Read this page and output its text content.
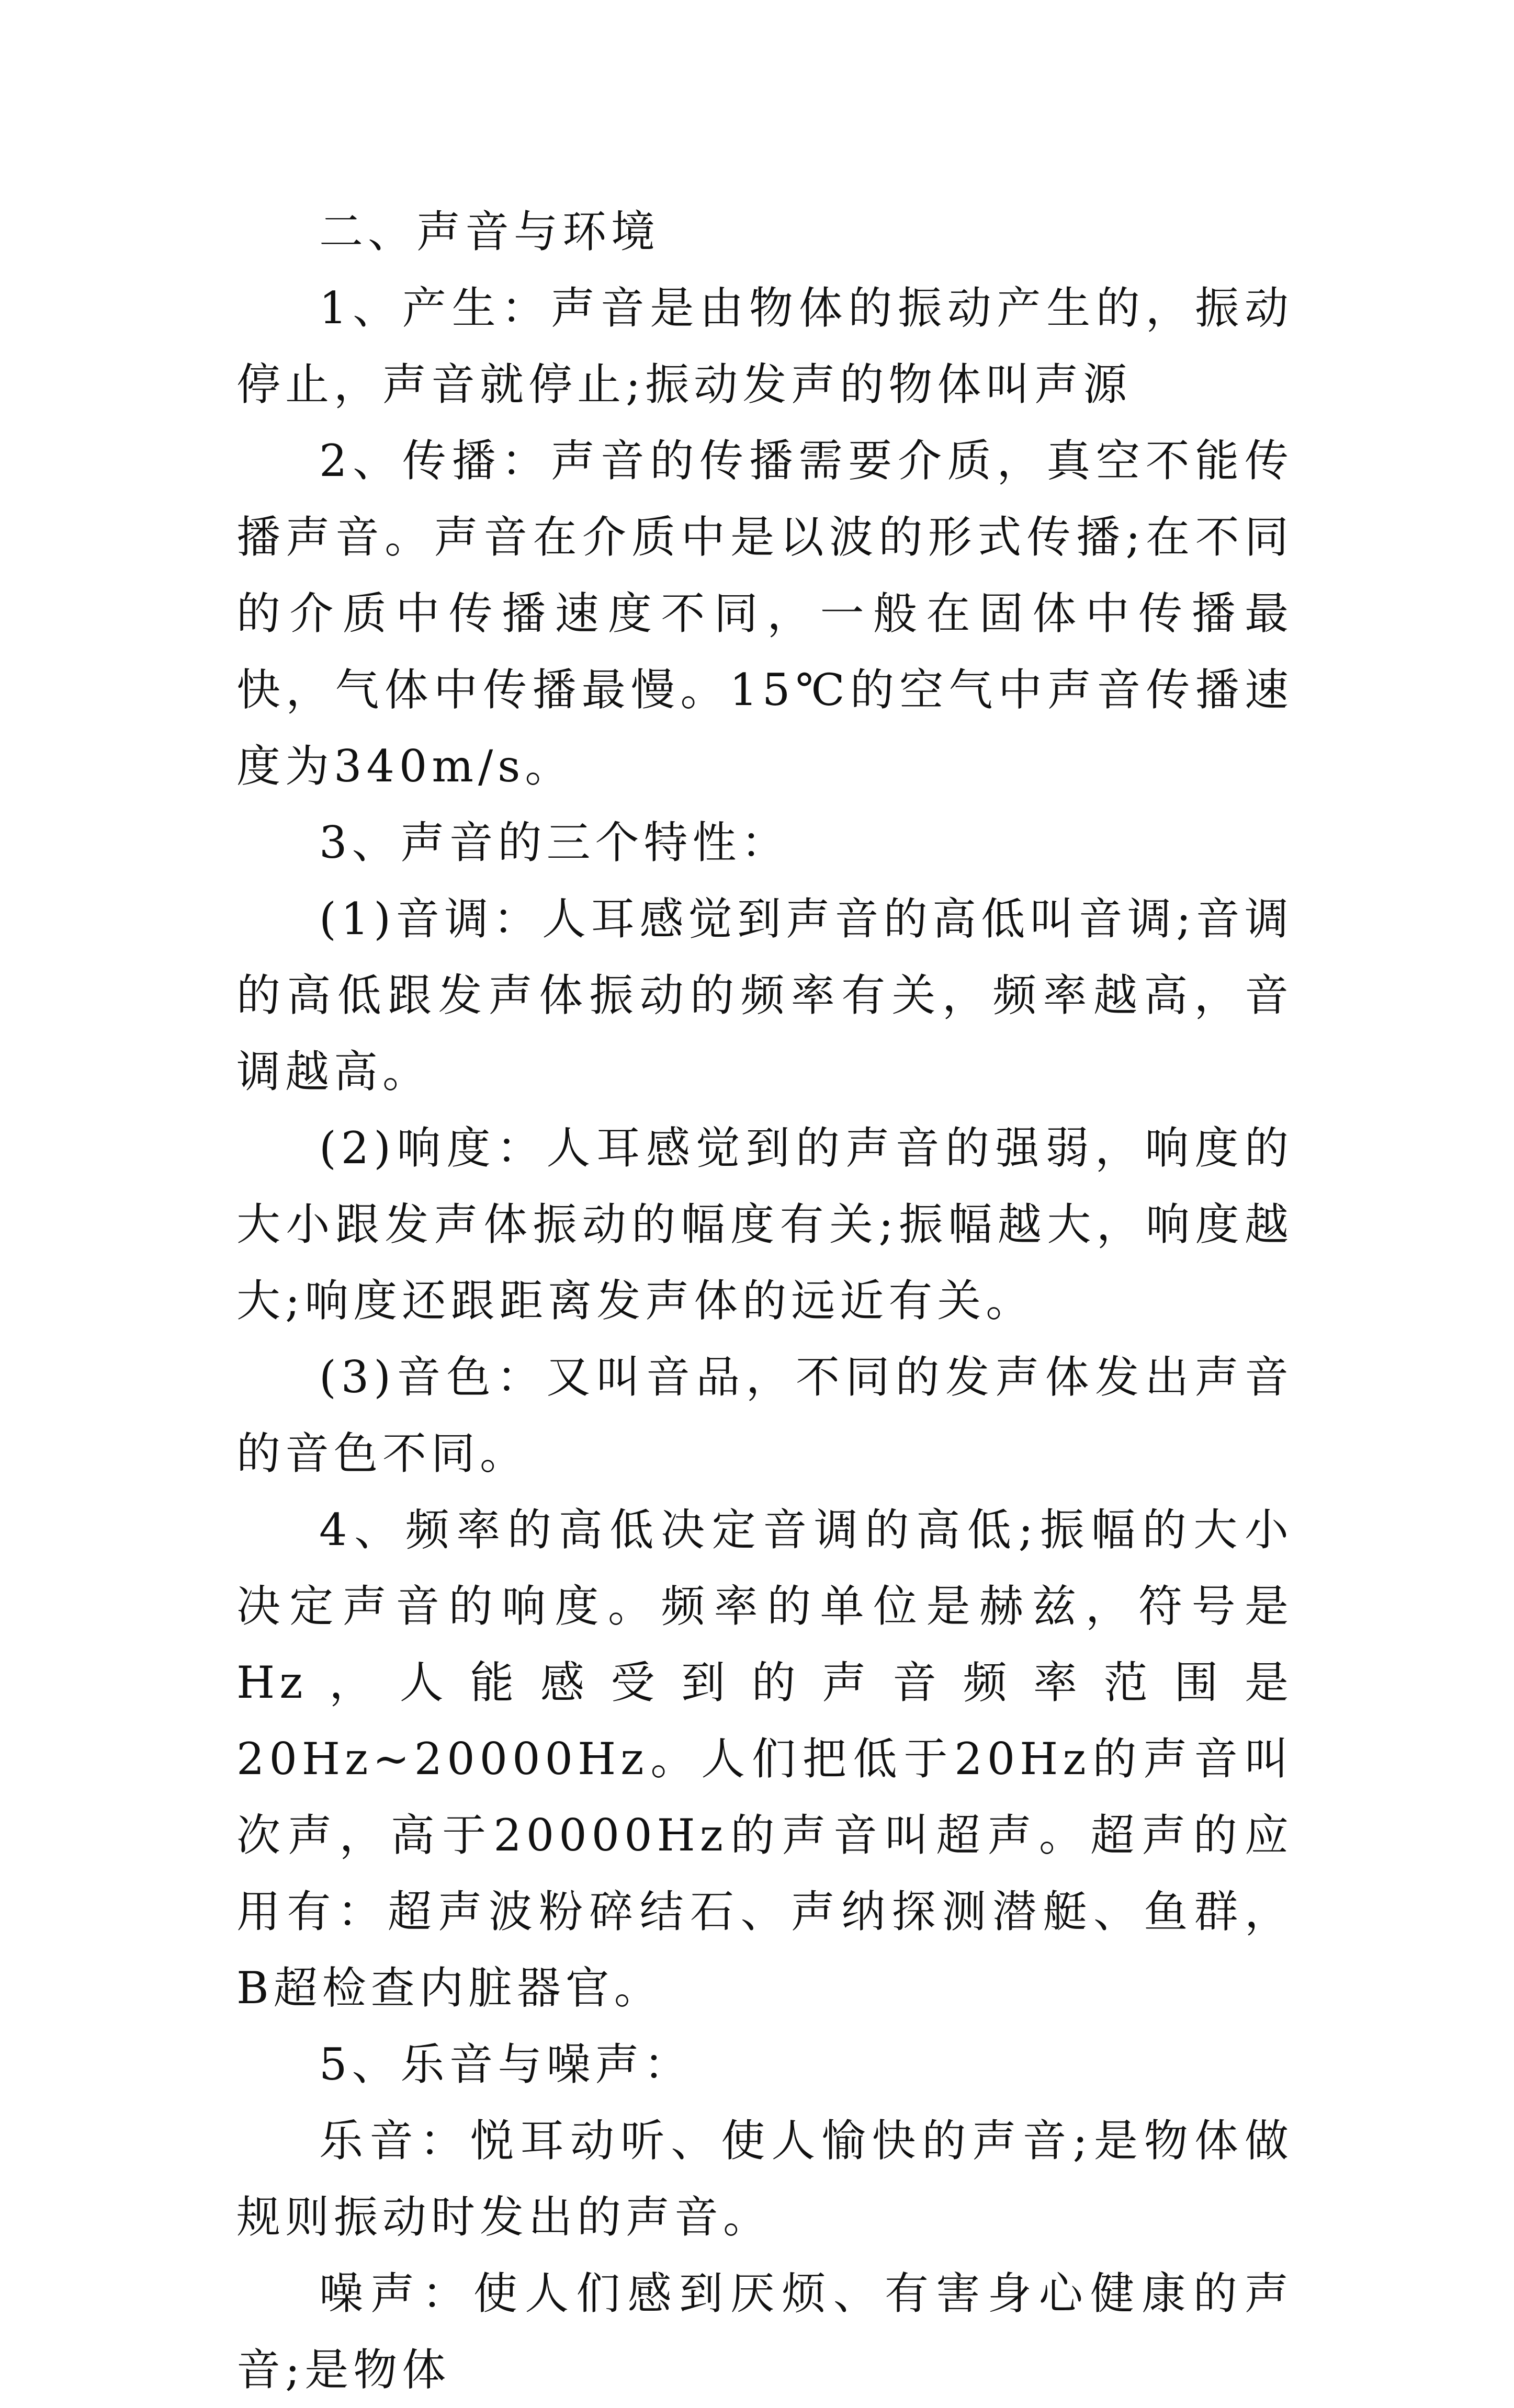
二、声音与环境

1、产生：声音是由物体的振动产生的，振动停止，声音就停止;振动发声的物体叫声源

2、传播：声音的传播需要介质，真空不能传播声音。声音在介质中是以波的形式传播;在不同的介质中传播速度不同，一般在固体中传播最快，气体中传播最慢。15℃的空气中声音传播速度为340m/s。

3、声音的三个特性：

(1)音调：人耳感觉到声音的高低叫音调;音调的高低跟发声体振动的频率有关，频率越高，音调越高。

(2)响度：人耳感觉到的声音的强弱，响度的大小跟发声体振动的幅度有关;振幅越大，响度越大;响度还跟距离发声体的远近有关。

(3)音色：又叫音品，不同的发声体发出声音的音色不同。

4、频率的高低决定音调的高低;振幅的大小决定声音的响度。频率的单位是赫兹，符号是Hz，人能感受到的声音频率范围是20Hz~20000Hz。人们把低于20Hz的声音叫次声，高于20000Hz的声音叫超声。超声的应用有：超声波粉碎结石、声纳探测潜艇、鱼群，B超检查内脏器官。

5、乐音与噪声：

乐音：悦耳动听、使人愉快的声音;是物体做规则振动时发出的声音。

噪声：使人们感到厌烦、有害身心健康的声音;是物体
